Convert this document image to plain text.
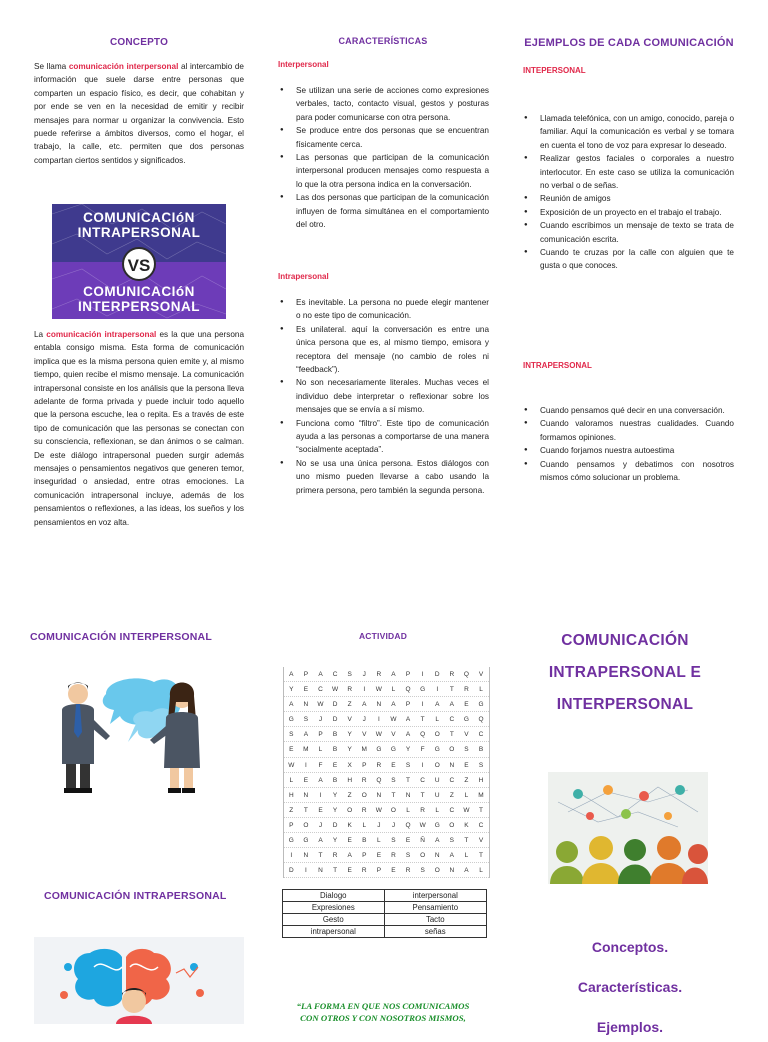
CONCEPTO

Se llama comunicación interpersonal al intercambio de información que suele darse entre personas que comparten un espacio físico, es decir, que cohabitan y por ende se ven en la necesidad de emitir y recibir mensajes para normar u organizar la convivencia. Esto puede referirse a ámbitos diversos, como el hogar, el trabajo, la calle, etc. permiten que dos personas compartan ciertos sentidos y significados.

COMUNICACIóN INTRAPERSONAL
COMUNICACIóN INTERPERSONAL
VS

La comunicación intrapersonal es la que una persona entabla consigo misma. Esta forma de comunicación implica que es la misma persona quien emite y, al mismo tiempo, quien recibe el mismo mensaje. La comunicación intrapersonal consiste en los análisis que la persona lleva adelante de forma privada y puede incluir todo aquello que la persona escuche, lea o repita. Es a través de este tipo de comunicación que las personas se conectan con su consciencia, reflexionan, se dan ánimos o se calman. De este diálogo intrapersonal pueden surgir además mensajes o pensamientos negativos que generen temor, inseguridad o ansiedad, entre otras emociones. La comunicación intrapersonal incluye, además de los pensamientos o reflexiones, a las ideas, los sueños y los pensamientos en voz alta.

COMUNICACIÓN INTERPERSONAL
COMUNICACIÓN INTRAPERSONAL
CARACTERÍSTICAS
Interpersonal
● Se utilizan una serie de acciones como expresiones verbales, tacto, contacto visual, gestos y posturas para poder comunicarse con otra persona.
● Se produce entre dos personas que se encuentran físicamente cerca.
● Las personas que participan de la comunicación interpersonal producen mensajes como respuesta a lo que la otra persona indica en la conversación.
● Las dos personas que participan de la comunicación influyen de forma simultánea en el comportamiento del otro.
Intrapersonal
● Es inevitable. La persona no puede elegir mantener o no este tipo de comunicación.
● Es unilateral. aquí la conversación es entre una única persona que es, al mismo tiempo, emisora y receptora del mensaje (no cambio de roles ni “feedback”).
● No son necesariamente literales. Muchas veces el individuo debe interpretar o reflexionar sobre los mensajes que se envía a sí mismo.
● Funciona como “filtro”. Este tipo de comunicación ayuda a las personas a comportarse de una manera “socialmente aceptada”.
● No se usa una única persona. Estos diálogos con uno mismo pueden llevarse a cabo usando la primera persona, pero también la segunda persona.
ACTIVIDAD
A	P	A	C	S	J	R	A	P	I	D	R	Q	V
Y	E	C	W	R	I	W	L	Q	G	I	T	R	L
A	N	W	D	Z	A	N	A	P	I	A	A	E	G
G	S	J	D	V	J	I	W	A	T	L	C	G	Q
S	A	P	B	Y	V	W	V	A	Q	O	T	V	C
E	M	L	B	Y	M	G	G	Y	F	G	O	S	B
W	I	F	E	X	P	R	E	S	I	O	N	E	S
L	E	A	B	H	R	Q	S	T	C	U	C	Z	H
H	N	I	Y	Z	O	N	T	N	T	U	Z	L	M
Z	T	E	Y	O	R	W	O	L	R	L	C	W	T
P	O	J	D	K	L	J	J	Q	W	G	O	K	C
G	G	A	Y	E	B	L	S	E	Ñ	A	S	T	V
I	N	T	R	A	P	E	R	S	O	N	A	L	T
D	I	N	T	E	R	P	E	R	S	O	N	A	L
Dialogo	interpersonal
Expresiones	Pensamiento
Gesto	Tacto
intrapersonal	señas
“LA FORMA EN QUE NOS COMUNICAMOS
CON OTROS Y CON NOSOTROS MISMOS,
EJEMPLOS DE CADA COMUNICACIÓN
INTEPERSONAL
● Llamada telefónica, con un amigo, conocido, pareja o familiar. Aquí la comunicación es verbal y se tomara en cuenta el tono de voz para expresar lo deseado.
● Realizar gestos faciales o corporales a nuestro interlocutor. En este caso se utiliza la comunicación no verbal o de señas.
● Reunión de amigos
● Exposición de un proyecto en el trabajo el trabajo.
● Cuando escribimos un mensaje de texto se trata de comunicación escrita.
● Cuando te cruzas por la calle con alguien que te gusta o que conoces.
INTRAPERSONAL
● Cuando pensamos qué decir en una conversación.
● Cuando valoramos nuestras cualidades. Cuando formamos opiniones.
● Cuando forjamos nuestra autoestima
● Cuando pensamos y debatimos con nosotros mismos cómo solucionar un problema.
COMUNICACIÓN
INTRAPERSONAL E
INTERPERSONAL
Conceptos.
Características.
Ejemplos.
